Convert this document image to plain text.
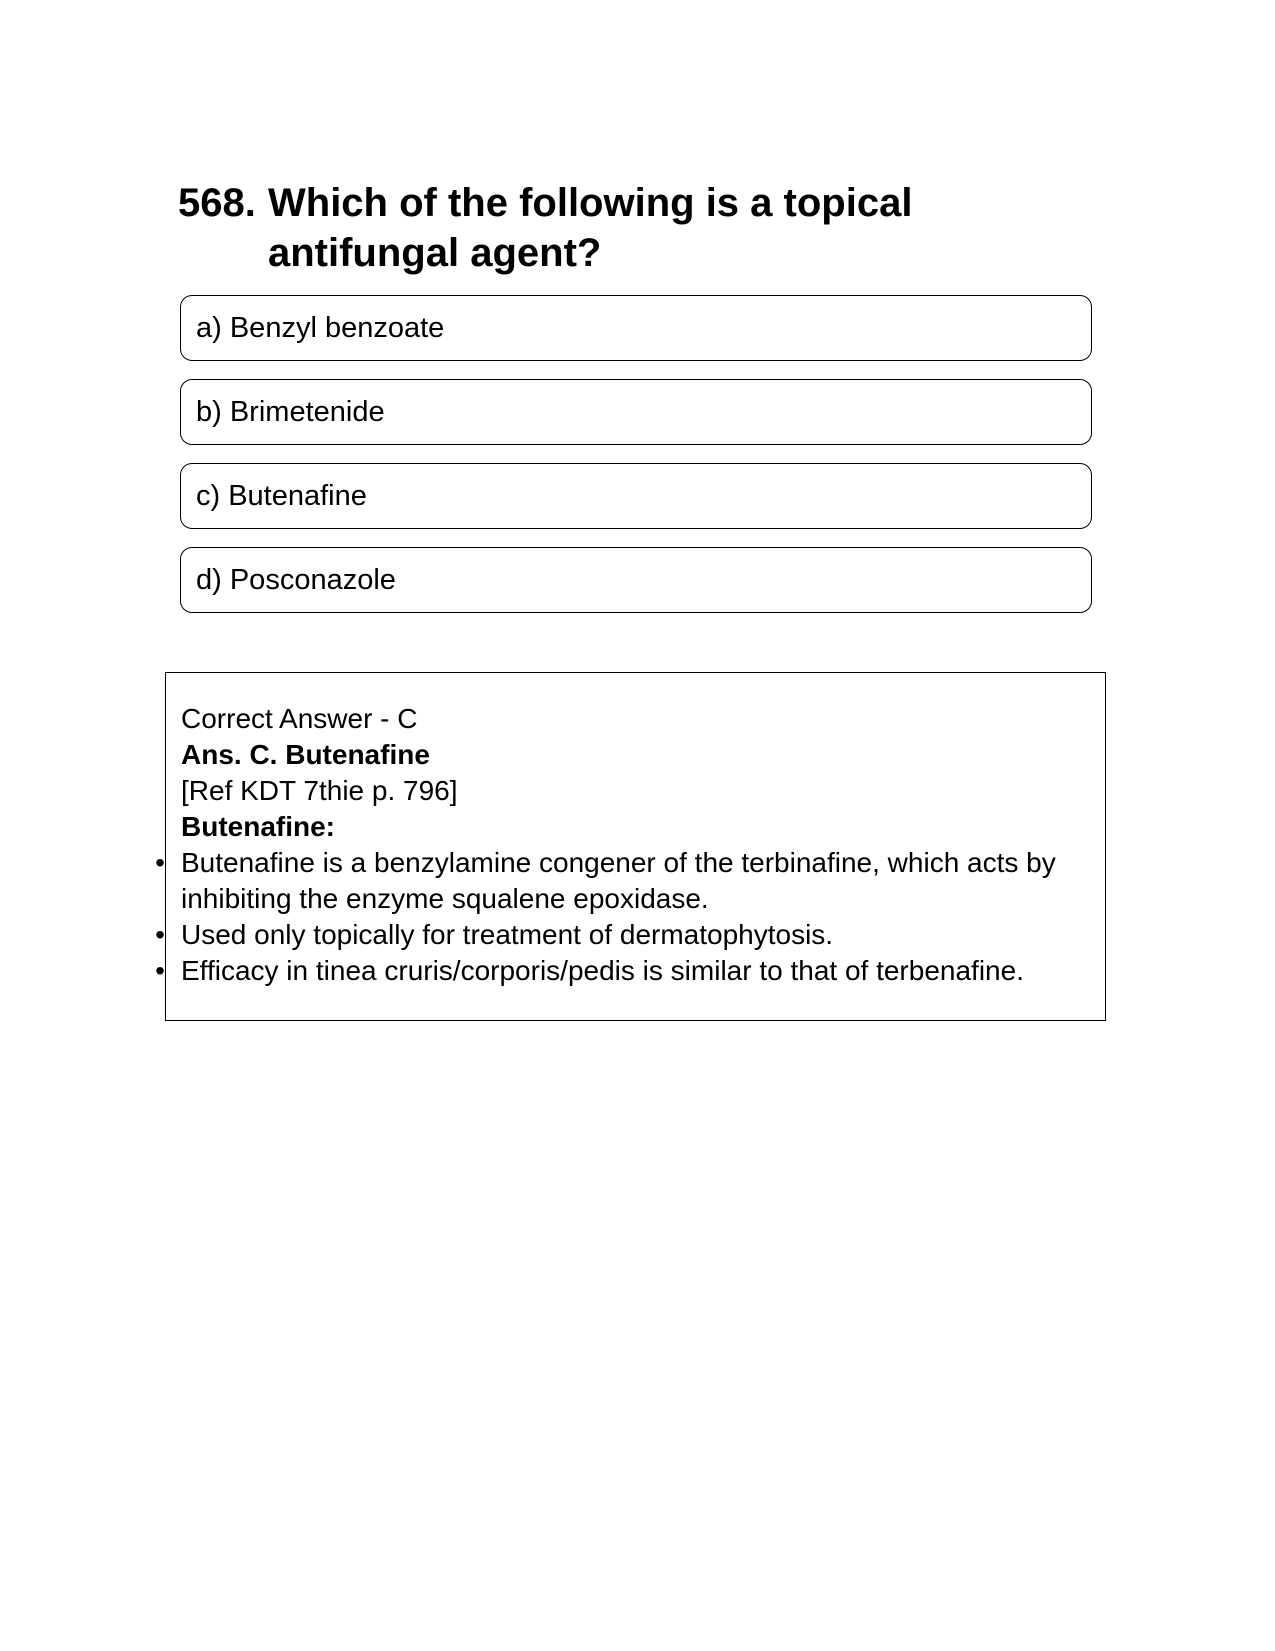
568. Which of the following is a topical antifungal agent?
a) Benzyl benzoate
b) Brimetenide
c) Butenafine
d) Posconazole
Correct Answer - C
Ans. C. Butenafine
[Ref KDT 7thie p. 796]
Butenafine:
• Butenafine is a benzylamine congener of the terbinafine, which acts by inhibiting the enzyme squalene epoxidase.
• Used only topically for treatment of dermatophytosis.
• Efficacy in tinea cruris/corporis/pedis is similar to that of terbenafine.
